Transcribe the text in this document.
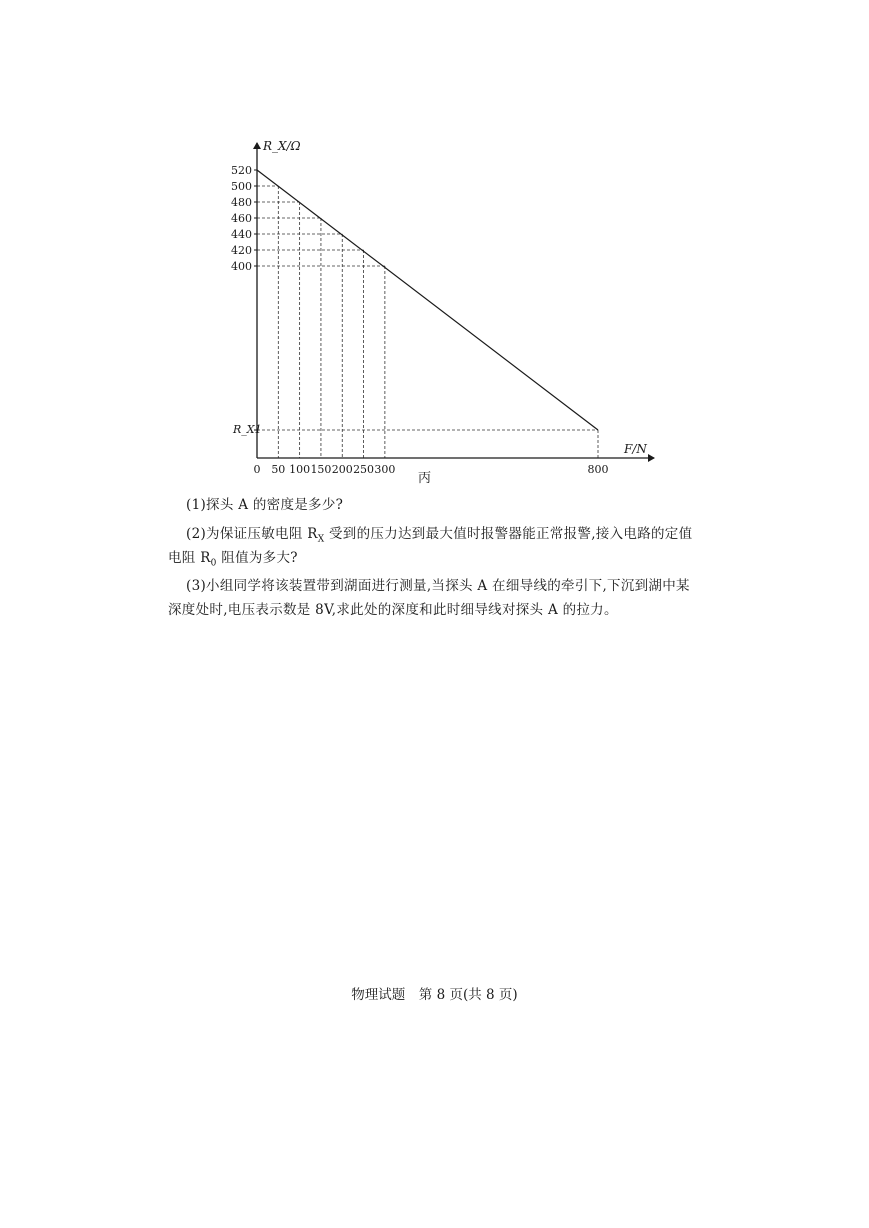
520
500
480
460
440
420
400
0 50 100 150 200 250 300	800
R_X/Ω
F/N
R_X1
丙
(1)探头 A 的密度是多少?
(2)为保证压敏电阻 $R_X$ 受到的压力达到最大值时报警器能正常报警,接入电路的定值
电阻 $R_0$ 阻值为多大?
(3)小组同学将该装置带到湖面进行测量,当探头 A 在细导线的牵引下,下沉到湖中某
深度处时,电压表示数是 8V,求此处的深度和此时细导线对探头 A 的拉力。
物理试题　第 8 页(共 8 页)
